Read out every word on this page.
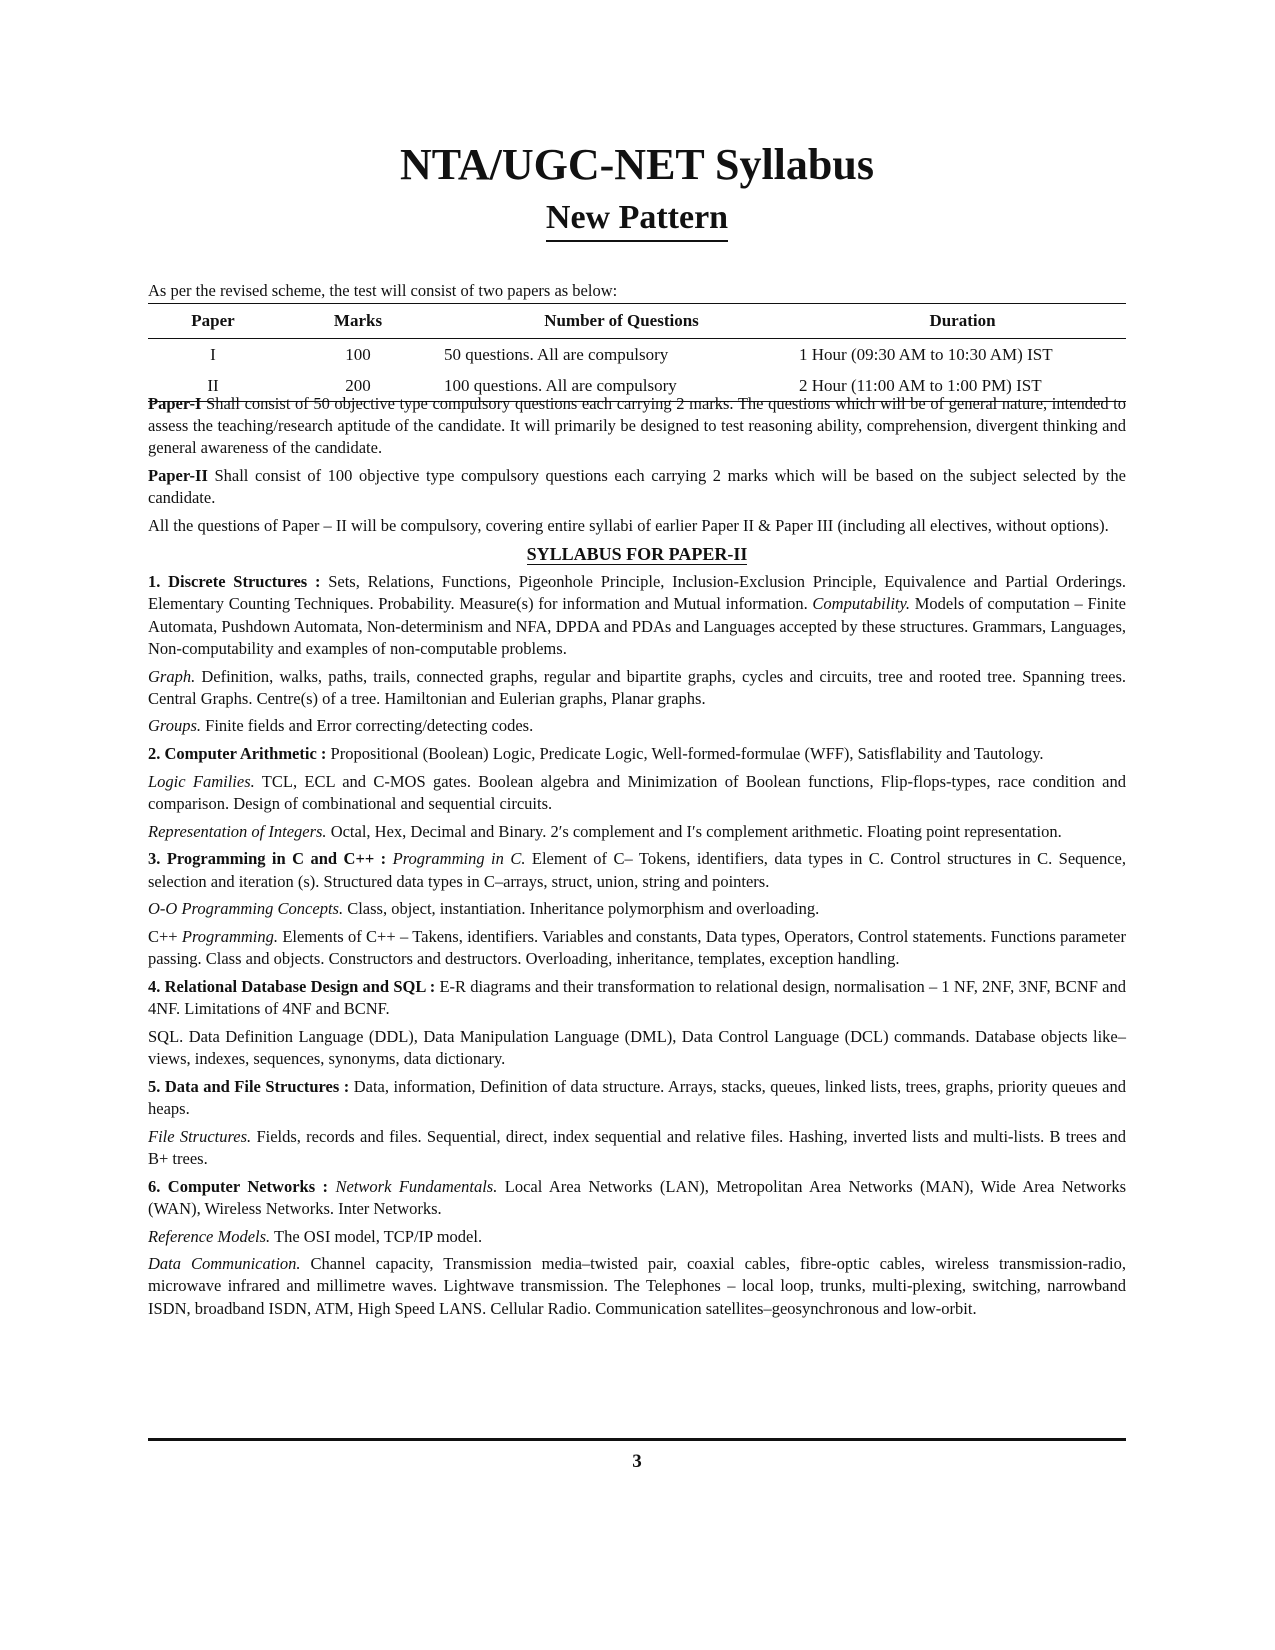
NTA/UGC-NET Syllabus
New Pattern
As per the revised scheme, the test will consist of two papers as below:
Paper	Marks	Number of Questions	Duration
I	100	50 questions. All are compulsory	1 Hour (09:30 AM to 10:30 AM) IST
II	200	100 questions. All are compulsory	2 Hour (11:00 AM to 1:00 PM) IST

Paper-I Shall consist of 50 objective type compulsory questions each carrying 2 marks. The questions which will be of general nature, intended to assess the teaching/research aptitude of the candidate. It will primarily be designed to test reasoning ability, comprehension, divergent thinking and general awareness of the candidate.

Paper-II Shall consist of 100 objective type compulsory questions each carrying 2 marks which will be based on the subject selected by the candidate.

All the questions of Paper – II will be compulsory, covering entire syllabi of earlier Paper II & Paper III (including all electives, without options).

SYLLABUS FOR PAPER-II

1. Discrete Structures : Sets, Relations, Functions, Pigeonhole Principle, Inclusion-Exclusion Principle, Equivalence and Partial Orderings. Elementary Counting Techniques. Probability. Measure(s) for information and Mutual information. Computability. Models of computation – Finite Automata, Pushdown Automata, Non-determinism and NFA, DPDA and PDAs and Languages accepted by these structures. Grammars, Languages, Non-computability and examples of non-computable problems.

Graph. Definition, walks, paths, trails, connected graphs, regular and bipartite graphs, cycles and circuits, tree and rooted tree. Spanning trees. Central Graphs. Centre(s) of a tree. Hamiltonian and Eulerian graphs, Planar graphs.

Groups. Finite fields and Error correcting/detecting codes.

2. Computer Arithmetic : Propositional (Boolean) Logic, Predicate Logic, Well-formed-formulae (WFF), Satisflability and Tautology.

Logic Families. TCL, ECL and C-MOS gates. Boolean algebra and Minimization of Boolean functions, Flip-flops-types, race condition and comparison. Design of combinational and sequential circuits.

Representation of Integers. Octal, Hex, Decimal and Binary. 2′s complement and I′s complement arithmetic. Floating point representation.

3. Programming in C and C++ : Programming in C. Element of C– Tokens, identifiers, data types in C. Control structures in C. Sequence, selection and iteration (s). Structured data types in C–arrays, struct, union, string and pointers.

O-O Programming Concepts. Class, object, instantiation. Inheritance polymorphism and overloading.

C++ Programming. Elements of C++ – Takens, identifiers. Variables and constants, Data types, Operators, Control statements. Functions parameter passing. Class and objects. Constructors and destructors. Overloading, inheritance, templates, exception handling.

4. Relational Database Design and SQL : E-R diagrams and their transformation to relational design, normalisation – 1 NF, 2NF, 3NF, BCNF and 4NF. Limitations of 4NF and BCNF.

SQL. Data Definition Language (DDL), Data Manipulation Language (DML), Data Control Language (DCL) commands. Database objects like–views, indexes, sequences, synonyms, data dictionary.

5. Data and File Structures : Data, information, Definition of data structure. Arrays, stacks, queues, linked lists, trees, graphs, priority queues and heaps.

File Structures. Fields, records and files. Sequential, direct, index sequential and relative files. Hashing, inverted lists and multi-lists. B trees and B+ trees.

6. Computer Networks : Network Fundamentals. Local Area Networks (LAN), Metropolitan Area Networks (MAN), Wide Area Networks (WAN), Wireless Networks. Inter Networks.

Reference Models. The OSI model, TCP/IP model.

Data Communication. Channel capacity, Transmission media–twisted pair, coaxial cables, fibre-optic cables, wireless transmission-radio, microwave infrared and millimetre waves. Lightwave transmission. The Telephones – local loop, trunks, multi-plexing, switching, narrowband ISDN, broadband ISDN, ATM, High Speed LANS. Cellular Radio. Communication satellites–geosynchronous and low-orbit.

3
